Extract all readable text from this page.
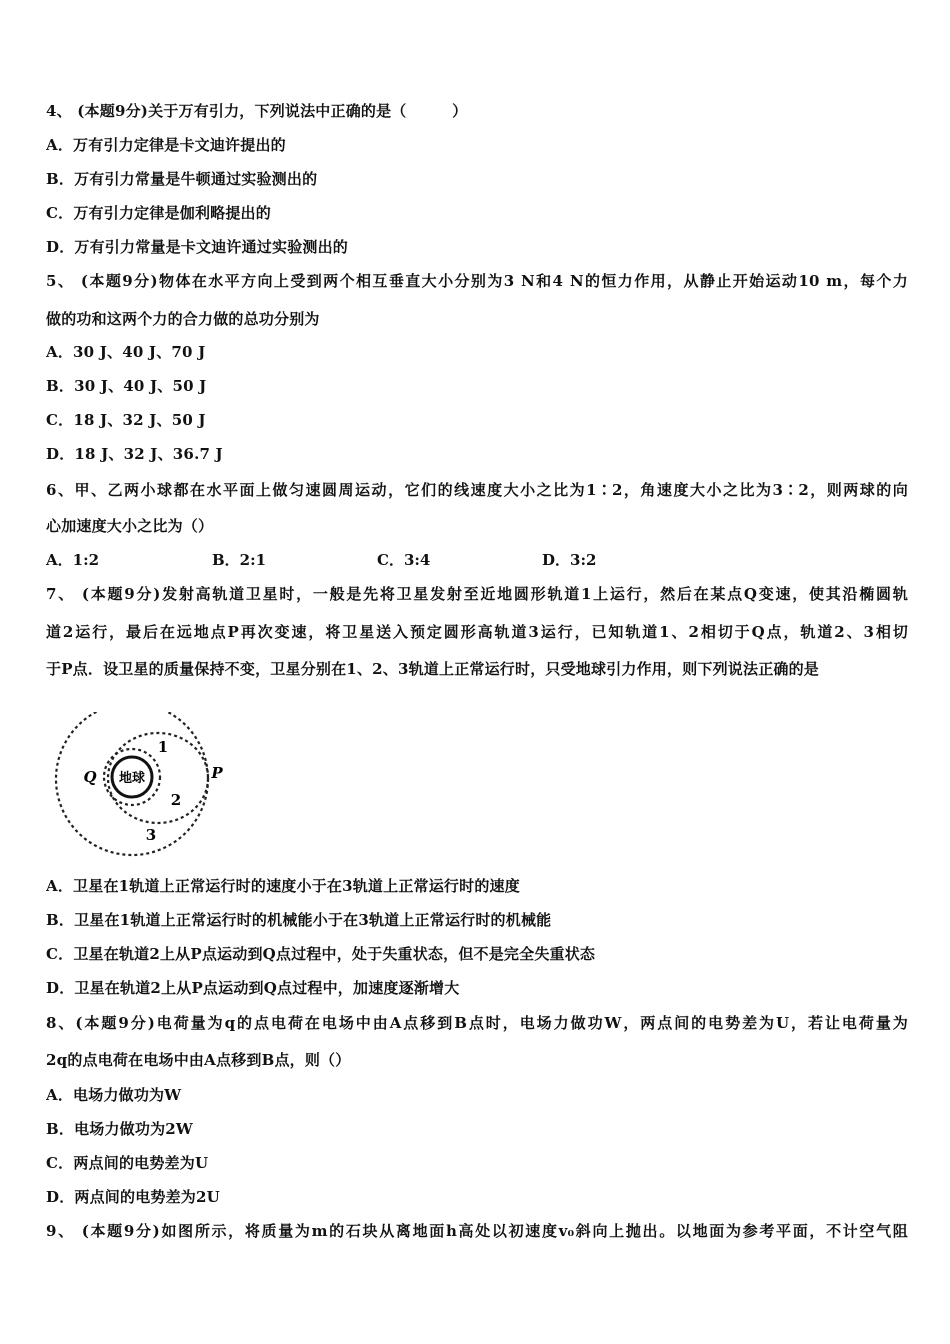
4、 (本题9分)关于万有引力，下列说法中正确的是（　　　）
A．万有引力定律是卡文迪许提出的
B．万有引力常量是牛顿通过实验测出的
C．万有引力定律是伽利略提出的
D．万有引力常量是卡文迪许通过实验测出的
5、 (本题9分)物体在水平方向上受到两个相互垂直大小分别为3 N和4 N的恒力作用，从静止开始运动10 m，每个力
做的功和这两个力的合力做的总功分别为
A．30 J、40 J、70 J
B．30 J、40 J、50 J
C．18 J、32 J、50 J
D．18 J、32 J、36.7 J
6、甲、乙两小球都在水平面上做匀速圆周运动，它们的线速度大小之比为1∶2，角速度大小之比为3∶2，则两球的向
心加速度大小之比为（）
A．1:2	B．2:1	C．3:4	D．3:2
7、 (本题9分)发射高轨道卫星时，一般是先将卫星发射至近地圆形轨道1上运行，然后在某点Q变速，使其沿椭圆轨
道2运行，最后在远地点P再次变速，将卫星送入预定圆形高轨道3运行，已知轨道1、2相切于Q点，轨道2、3相切
于P点．设卫星的质量保持不变，卫星分别在1、2、3轨道上正常运行时，只受地球引力作用，则下列说法正确的是
地球
Q	P
1
2
3
A．卫星在1轨道上正常运行时的速度小于在3轨道上正常运行时的速度
B．卫星在1轨道上正常运行时的机械能小于在3轨道上正常运行时的机械能
C．卫星在轨道2上从P点运动到Q点过程中，处于失重状态，但不是完全失重状态
D．卫星在轨道2上从P点运动到Q点过程中，加速度逐渐增大
8、(本题9分)电荷量为q的点电荷在电场中由A点移到B点时，电场力做功W，两点间的电势差为U，若让电荷量为
2q的点电荷在电场中由A点移到B点，则（）
A．电场力做功为W
B．电场力做功为2W
C．两点间的电势差为U
D．两点间的电势差为2U
9、 (本题9分)如图所示，将质量为m的石块从离地面h高处以初速度v₀斜向上抛出。以地面为参考平面，不计空气阻
